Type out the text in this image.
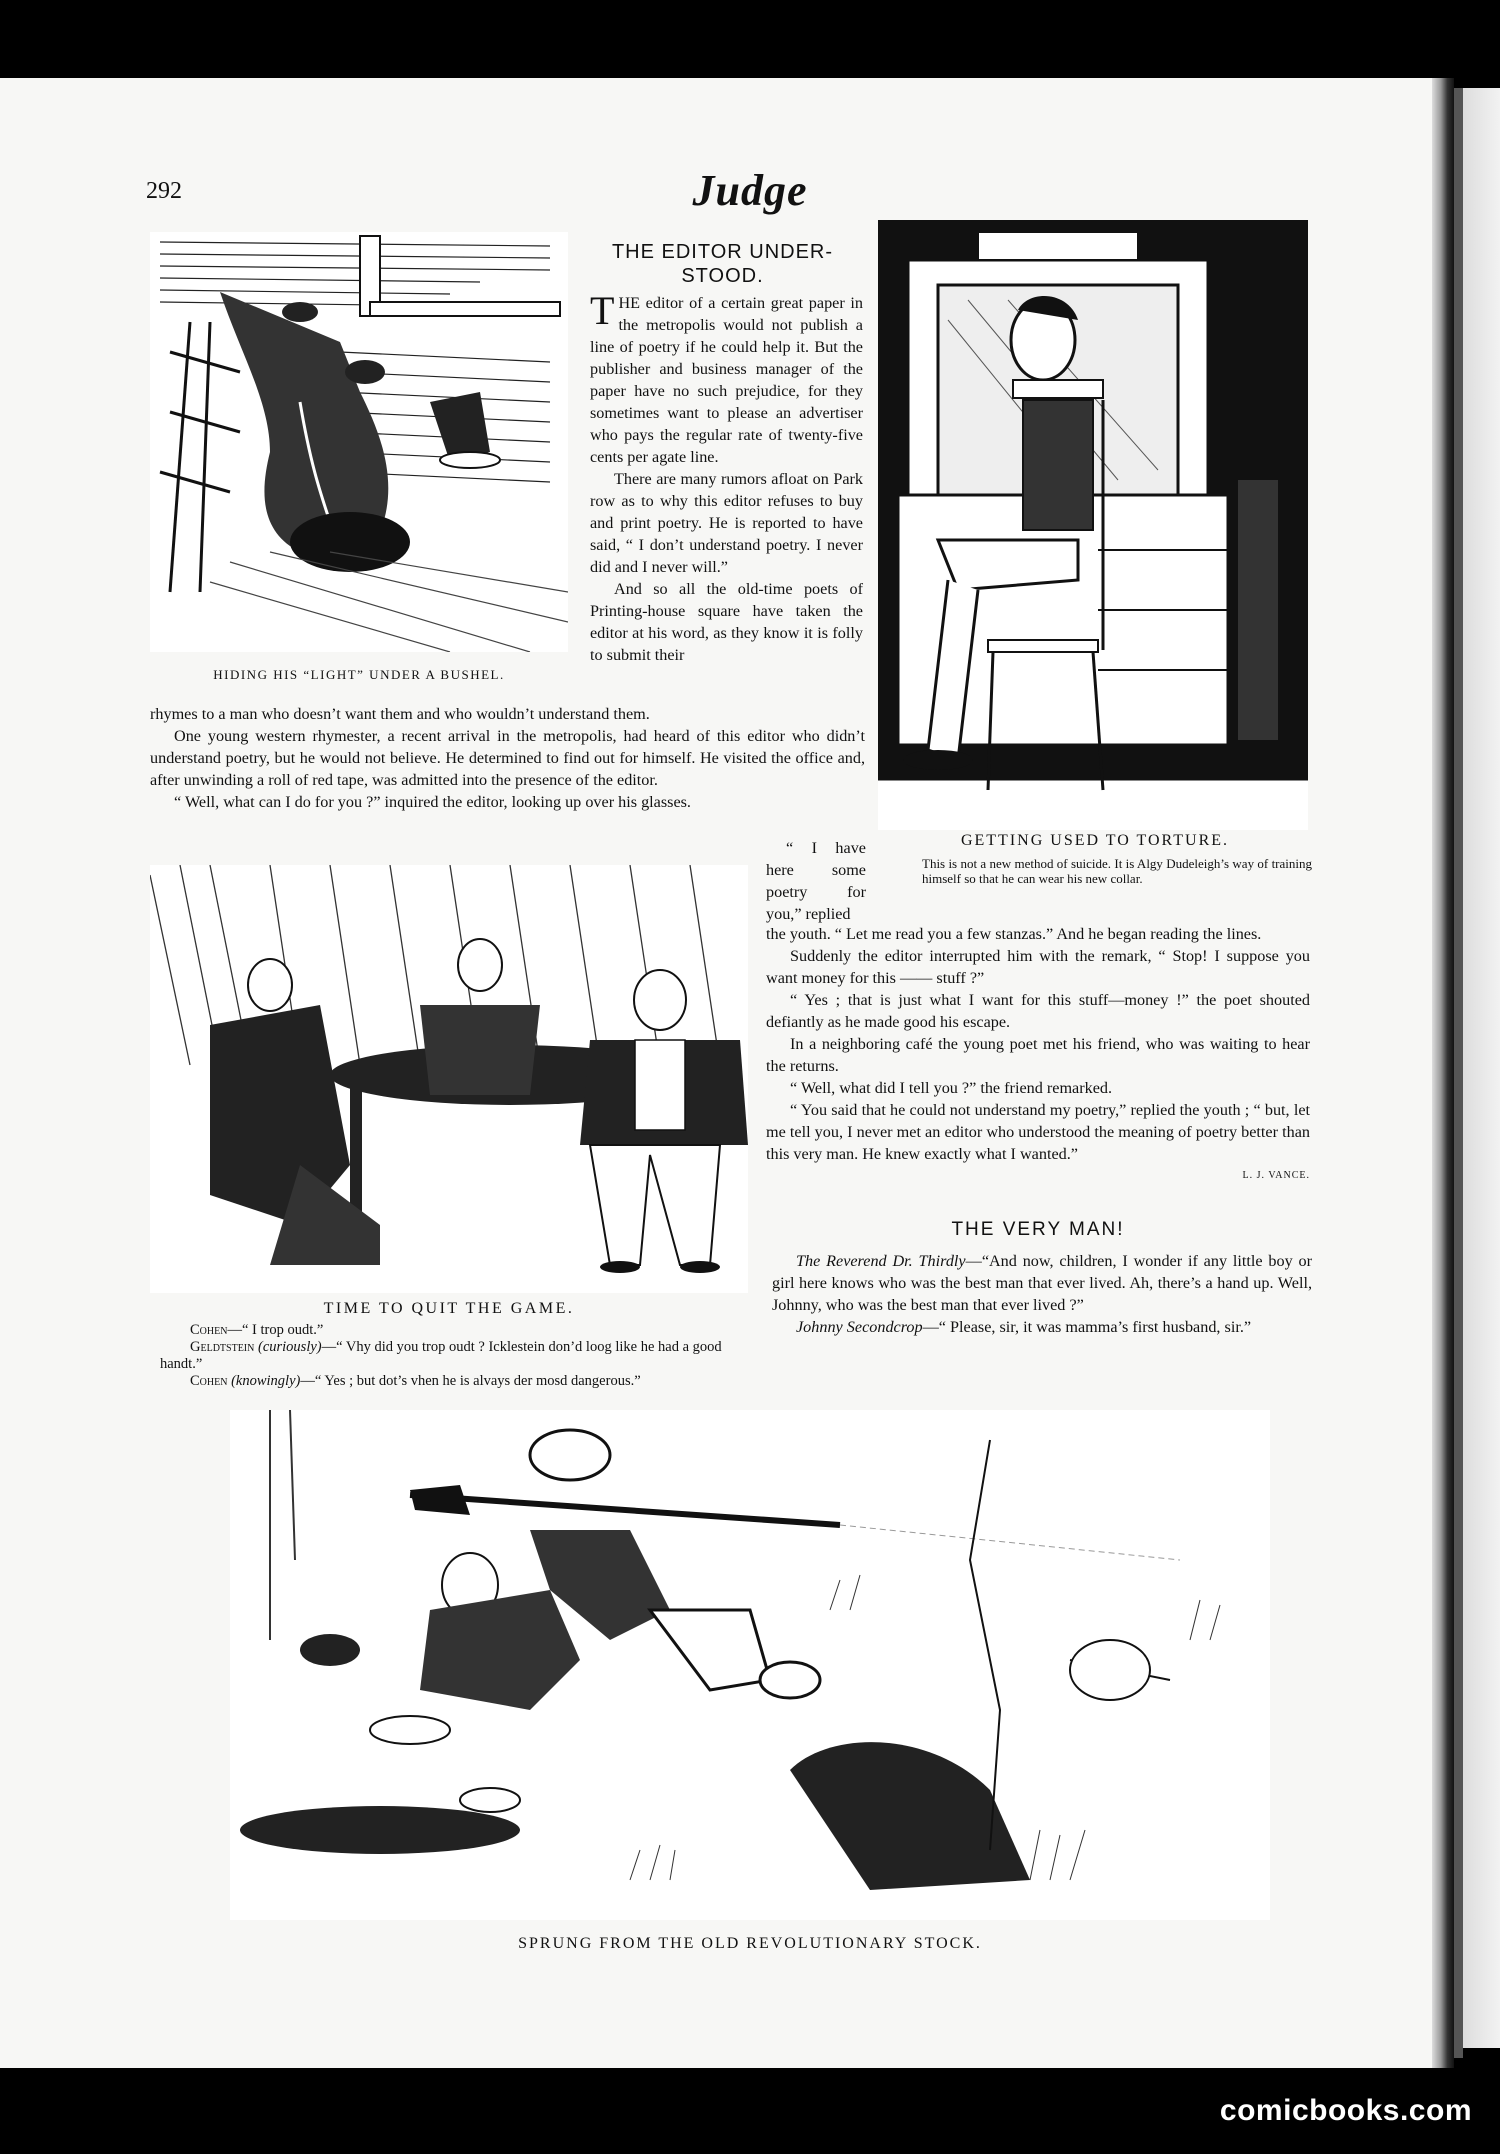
292	Judge
HIDING HIS “LIGHT” UNDER A BUSHEL.
THE EDITOR UNDER-
STOOD.

THE editor of a certain great paper in the metropolis would not publish a line of poetry if he could help it. But the publisher and business manager of the paper have no such prejudice, for they sometimes want to please an advertiser who pays the regular rate of twenty-five cents per agate line.

There are many rumors afloat on Park row as to why this editor refuses to buy and print poetry. He is reported to have said, “ I don’t understand poetry. I never did and I never will.”

And so all the old-time poets of Printing-house square have taken the editor at his word, as they know it is folly to submit their

rhymes to a man who doesn’t want them and who wouldn’t understand them.

One young western rhymester, a recent arrival in the metropolis, had heard of this editor who didn’t understand poetry, but he would not believe. He determined to find out for himself. He visited the office and, after unwinding a roll of red tape, was admitted into the presence of the editor.

“ Well, what can I do for you ?” inquired the editor, looking up over his glasses.

GETTING USED TO TORTURE.
This is not a new method of suicide. It is Algy Dudeleigh’s way of training himself so that he can wear his new collar.
TIME TO QUIT THE GAME.
Cohen—“ I trop oudt.”
Geldtstein (curiously)—“ Vhy did you trop oudt ? Icklestein don’d loog like he had a good handt.”
Cohen (knowingly)—“ Yes ; but dot’s vhen he is alvays der mosd dangerous.”

“ I have here some poetry for you,” replied

the youth. “ Let me read you a few stanzas.” And he began reading the lines.

Suddenly the editor interrupted him with the remark, “ Stop! I suppose you want money for this —— stuff ?”

“ Yes ; that is just what I want for this stuff—money !” the poet shouted defiantly as he made good his escape.

In a neighboring café the young poet met his friend, who was waiting to hear the returns.

“ Well, what did I tell you ?” the friend remarked.

“ You said that he could not understand my poetry,” replied the youth ; “ but, let me tell you, I never met an editor who understood the meaning of poetry better than this very man. He knew exactly what I wanted.”

L. J. VANCE.
THE VERY MAN!

The Reverend Dr. Thirdly—“And now, children, I wonder if any little boy or girl here knows who was the best man that ever lived. Ah, there’s a hand up. Well, Johnny, who was the best man that ever lived ?”

Johnny Secondcrop—“ Please, sir, it was mamma’s first husband, sir.”

SPRUNG FROM THE OLD REVOLUTIONARY STOCK.
comicbooks.com
